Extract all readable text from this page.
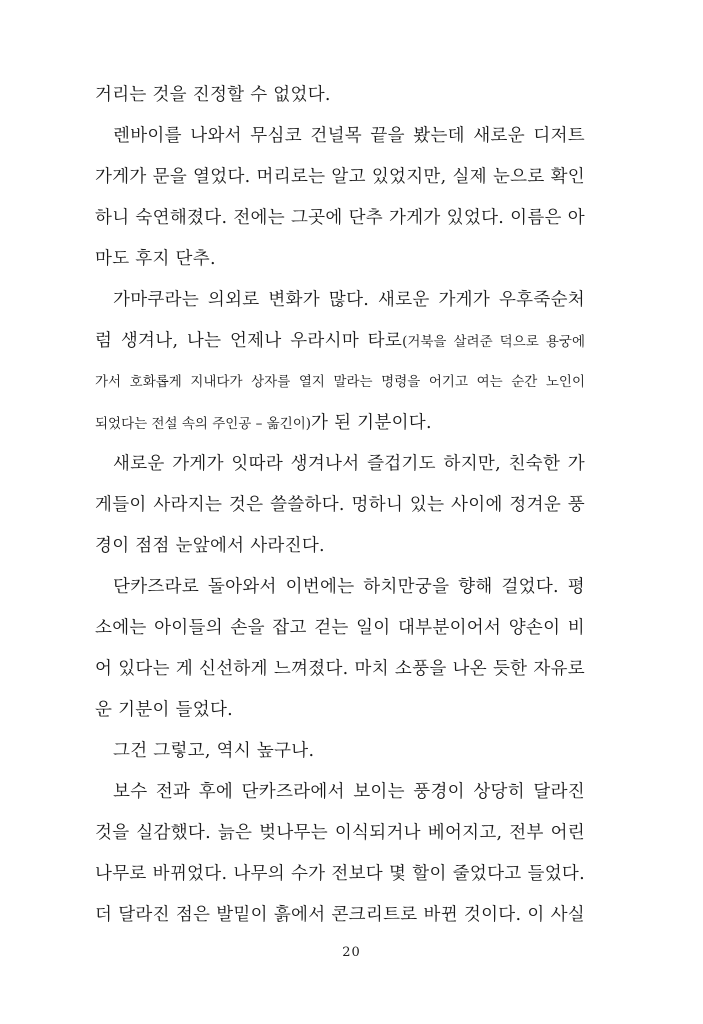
거리는 것을 진정할 수 없었다.
렌바이를 나와서 무심코 건널목 끝을 봤는데 새로운 디저트
가게가 문을 열었다. 머리로는 알고 있었지만, 실제 눈으로 확인
하니 숙연해졌다. 전에는 그곳에 단추 가게가 있었다. 이름은 아
마도 후지 단추.
가마쿠라는 의외로 변화가 많다. 새로운 가게가 우후죽순처
럼 생겨나, 나는 언제나 우라시마 타로(거북을 살려준 덕으로 용궁에
가서 호화롭게 지내다가 상자를 열지 말라는 명령을 어기고 여는 순간 노인이
되었다는 전설 속의 주인공 – 옮긴이)가 된 기분이다.
새로운 가게가 잇따라 생겨나서 즐겁기도 하지만, 친숙한 가
게들이 사라지는 것은 쓸쓸하다. 멍하니 있는 사이에 정겨운 풍
경이 점점 눈앞에서 사라진다.
단카즈라로 돌아와서 이번에는 하치만궁을 향해 걸었다. 평
소에는 아이들의 손을 잡고 걷는 일이 대부분이어서 양손이 비
어 있다는 게 신선하게 느껴졌다. 마치 소풍을 나온 듯한 자유로
운 기분이 들었다.
그건 그렇고, 역시 높구나.
보수 전과 후에 단카즈라에서 보이는 풍경이 상당히 달라진
것을 실감했다. 늙은 벚나무는 이식되거나 베어지고, 전부 어린
나무로 바뀌었다. 나무의 수가 전보다 몇 할이 줄었다고 들었다.
더 달라진 점은 발밑이 흙에서 콘크리트로 바뀐 것이다. 이 사실
20
